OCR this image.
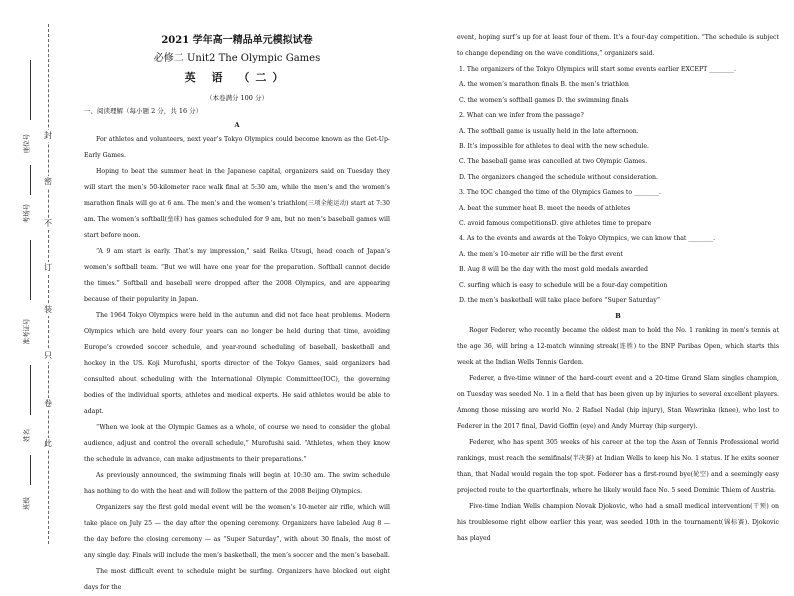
封
密
不
订
装
只
卷
此
座位号
考场号
准考证号
姓名
班级
2021 学年高一精品单元模拟试卷
必修二 Unit2 The Olympic Games
英 语 （二）
（本卷满分 100 分）
一、阅读理解（每小题 2 分，共 16 分）
A

For athletes and volunteers, next year’s Tokyo Olympics could become known as the Get-Up-Early Games.

Hoping to beat the summer heat in the Japanese capital, organizers said on Tuesday they will start the men’s 50-kilometer race walk final at 5:30 am, while the men’s and the women’s marathon finals will go at 6 am. The men’s and the women’s triathlon(三项全能运动) start at 7:30 am. The women’s softball(垒球) has games scheduled for 9 am, but no men’s baseball games will start before noon.

“A 9 am start is early. That’s my impression,” said Reika Utsugi, head coach of Japan’s women’s softball team. “But we will have one year for the preparation. Softball cannot decide the times.” Softball and baseball were dropped after the 2008 Olympics, and are appearing because of their popularity in Japan.

The 1964 Tokyo Olympics were held in the autumn and did not face heat problems. Modern Olympics which are held every four years can no longer be held during that time, avoiding Europe’s crowded soccer schedule, and year-round scheduling of baseball, basketball and hockey in the US. Koji Murofushi, sports director of the Tokyo Games, said organizers had consulted about scheduling with the International Olympic Committee(IOC), the governing bodies of the individual sports, athletes and medical experts. He said athletes would be able to adapt.

“When we look at the Olympic Games as a whole, of course we need to consider the global audience, adjust and control the overall schedule,” Murofushi said. “Athletes, when they know the schedule in advance, can make adjustments to their preparations.”

As previously announced, the swimming finals will begin at 10:30 am. The swim schedule has nothing to do with the heat and will follow the pattern of the 2008 Beijing Olympics.

Organizers say the first gold medal event will be the women’s 10-meter air rifle, which will take place on July 25 — the day after the opening ceremony. Organizers have labeled Aug 8 — the day before the closing ceremony — as “Super Saturday”, with about 30 finals, the most of any single day. Finals will include the men’s basketball, the men’s soccer and the men’s baseball.

The most difficult event to schedule might be surfing. Organizers have blocked out eight days for the

event, hoping surf’s up for at least four of them. It’s a four-day competition. “The schedule is subject to change depending on the wave conditions,” organizers said.

1. The organizers of the Tokyo Olympics will start some events earlier EXCEPT ________.

A. the women’s marathon finals B. the men’s triathlon

C. the women’s softball games D. the swimming finals

2. What can we infer from the passage?

A. The softball game is usually held in the late afternoon.

B. It’s impossible for athletes to deal with the new schedule.

C. The baseball game was cancelled at two Olympic Games.

D. The organizers changed the schedule without consideration.

3. The IOC changed the time of the Olympics Games to ________.

A. beat the summer heat B. meet the needs of athletes

C. avoid famous competitionsD. give athletes time to prepare

4. As to the events and awards at the Tokyo Olympics, we can know that ________.

A. the men’s 10-meter air rifle will be the first event

B. Aug 8 will be the day with the most gold medals awarded

C. surfing which is easy to schedule will be a four-day competition

D. the men’s basketball will take place before “Super Saturday”

B

Roger Federer, who recently became the oldest man to hold the No. 1 ranking in men's tennis at the age 36, will bring a 12-match winning streak(连胜) to the BNP Paribas Open, which starts this week at the Indian Wells Tennis Garden.

Federer, a five-time winner of the hard-court event and a 20-time Grand Slam singles champion, on Tuesday was seeded No. 1 in a field that has been given up by injuries to several excellent players. Among those missing are world No. 2 Rafael Nadal (hip injury), Stan Wawrinka (knee), who lost to Federer in the 2017 final, David Goffin (eye) and Andy Murray (hip surgery).

Federer, who has spent 305 weeks of his career at the top the Assn of Tennis Professional world rankings, must reach the semifinals(半决赛) at Indian Wells to keep his No. 1 status. If he exits sooner than, that Nadal would regain the top spot. Federer has a first-round bye(轮空) and a seemingly easy projected route to the quarterfinals, where he likely would face No. 5 seed Dominic Thiem of Austria.

Five-time Indian Wells champion Novak Djokovic, who had a small medical intervention(干预) on his troublesome right elbow earlier this year, was seeded 10th in the tournament(锦标赛). Djokovic has played
